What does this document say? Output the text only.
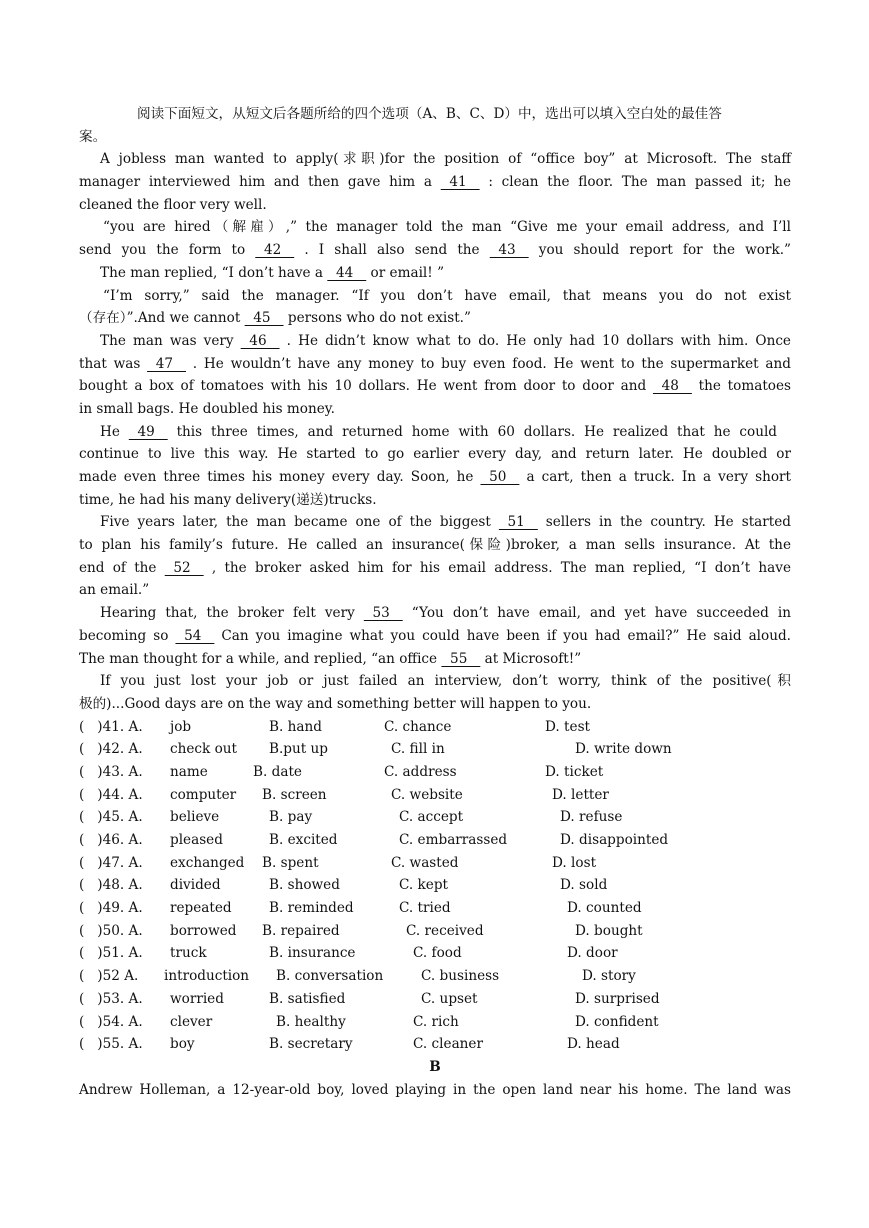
阅读下面短文，从短文后各题所给的四个选项（A、B、C、D）中，选出可以填入空白处的最佳答
案。
A jobless man wanted to apply(求职)for the position of “office boy” at Microsoft. The staff
manager interviewed him and then gave him a   41    : clean the floor. The man passed it; he
cleaned the floor very well.
“you are hired（解雇）,” the manager told the man “Give me your email address, and I’ll
send you the form to   42    . I shall also send the   43    you should report for the work.”
The man replied, “I don’t have a   44    or email! ”
“I’m sorry,” said the manager. “If you don’t have email, that means you do not exist
（存在）”.And we cannot   45    persons who do not exist.”
The man was very   46    . He didn’t know what to do. He only had 10 dollars with him. Once
that was   47    . He wouldn’t have any money to buy even food. He went to the supermarket and
bought a box of tomatoes with his 10 dollars. He went from door to door and   48    the tomatoes
in small bags. He doubled his money.
He   49    this three times, and returned home with 60 dollars. He realized that he could
continue to live this way. He started to go earlier every day, and return later. He doubled or
made even three times his money every day. Soon, he   50    a cart, then a truck. In a very short
time, he had his many delivery(递送)trucks.
Five years later, the man became one of the biggest   51    sellers in the country. He started
to plan his family’s future. He called an insurance(保险)broker, a man sells insurance. At the
end of the   52    , the broker asked him for his email address. The man replied, “I don’t have
an email.”
Hearing that, the broker felt very   53    “You don’t have email, and yet have succeeded in
becoming so   54    Can you imagine what you could have been if you had email?” He said aloud.
The man thought for a while, and replied, “an office   55    at Microsoft!”
If you just lost your job or just failed an interview, don’t worry, think of the positive(积
极的)...Good days are on the way and something better will happen to you.
(   )41. A. job	B. hand	C. chance	D. test
(   )42. A. check out B.put up	C. fill in	D. write down
(   )43. A. name	B. date	C. address	D. ticket
(   )44. A. computer B. screen	C. website	D. letter
(   )45. A. believe	B. pay	C. accept	D. refuse
(   )46. A. pleased	B. excited	C. embarrassed	D. disappointed
(   )47. A. exchanged B. spent	C. wasted	D. lost
(   )48. A. divided	B. showed	C. kept	D. sold
(   )49. A. repeated	B. reminded	C. tried	D. counted
(   )50. A. borrowed B. repaired	C. received	D. bought
(   )51. A. truck	B. insurance	C. food	D. door
(   )52 A. introduction B. conversation	C. business	D. story
(   )53. A. worried	B. satisfied	C. upset	D. surprised
(   )54. A. clever	B. healthy	C. rich	D. confident
(   )55. A. boy	B. secretary	C. cleaner	D. head
B
Andrew Holleman, a 12-year-old boy, loved playing in the open land near his home. The land was
